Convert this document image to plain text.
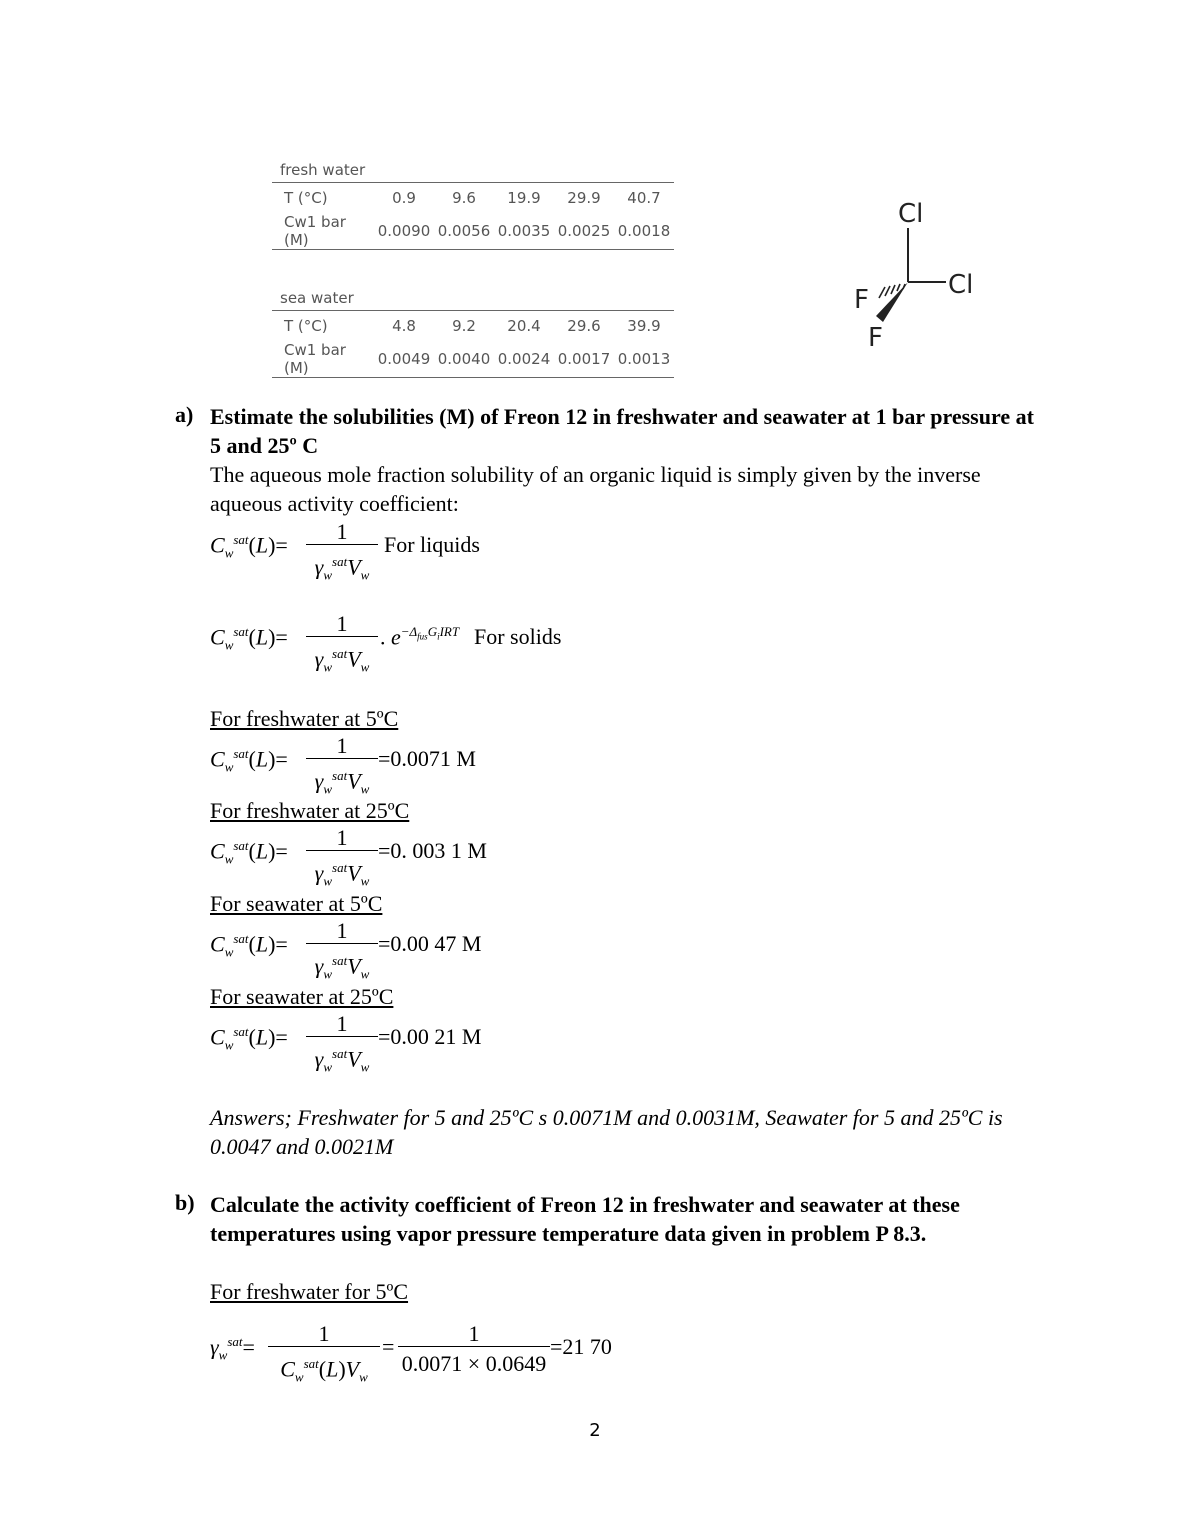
fresh water
T (°C)	0.9	9.6	19.9	29.9	40.7
Cw1 bar (M)	0.0090	0.0056	0.0035	0.0025	0.0018
sea water
T (°C)	4.8	9.2	20.4	29.6	39.9
Cw1 bar (M)	0.0049	0.0040	0.0024	0.0017	0.0013
Cl
Cl
F
F
a) Estimate the solubilities (M) of Freon 12 in freshwater and seawater at 1 bar pressure at 5 and 25º C
The aqueous mole fraction solubility of an organic liquid is simply given by the inverse aqueous activity coefficient:
$C_w^{sat}(L)=$
1
$\gamma_w^{sat}V_w$
For liquids
$C_w^{sat}(L)=$
1
$\gamma_w^{sat}V_w$
. $e^{-\Delta_{fus}G_iIRT}$ For solids
For freshwater at 5ºC
$C_w^{sat}(L)=$
1
$\gamma_w^{sat}V_w$
=0.0071 M
For freshwater at 25ºC
$C_w^{sat}(L)=$
1
$\gamma_w^{sat}V_w$
=0. 003 1 M
For seawater at 5ºC
$C_w^{sat}(L)=$
1
$\gamma_w^{sat}V_w$
=0.00 47 M
For seawater at 25ºC
$C_w^{sat}(L)=$
1
$\gamma_w^{sat}V_w$
=0.00 21 M
Answers; Freshwater for 5 and 25ºC s 0.0071M and 0.0031M, Seawater for 5 and 25ºC is 0.0047 and 0.0021M
b) Calculate the activity coefficient of Freon 12 in freshwater and seawater at these temperatures using vapor pressure temperature data given in problem P 8.3.
For freshwater for 5ºC
$\gamma_w^{sat}=$
1
$C_w^{sat}(L)V_w$
=
1
0.0071 × 0.0649
=21 70
2
